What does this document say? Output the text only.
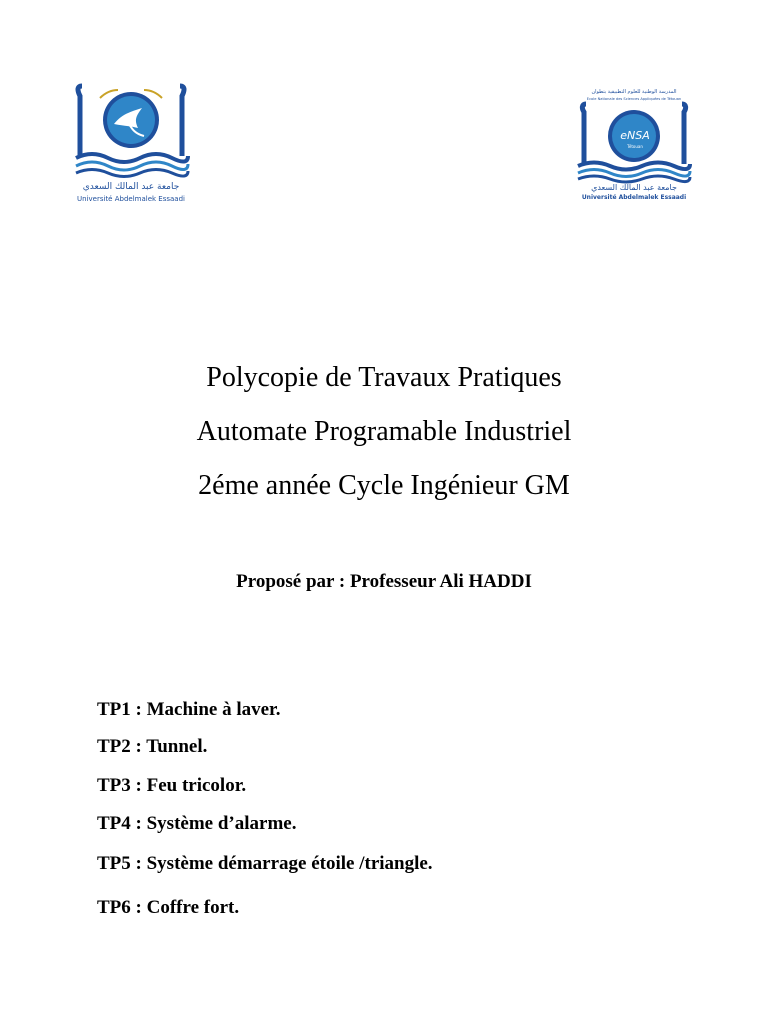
جامعة عبد المالك السعدي
Université Abdelmalek Essaadi
المدرسة الوطنية للعلوم التطبيقية بتطوان
Ecole Nationale des Sciences Appliquées de Tétouan
eNSA
Tétouan
جامعة عبد المالك السعدي
Université Abdelmalek Essaadi
Polycopie de Travaux Pratiques
Automate Programable Industriel
2éme année Cycle Ingénieur GM
Proposé par : Professeur Ali HADDI
TP1 : Machine à laver.
TP2 : Tunnel.
TP3 : Feu tricolor.
TP4 : Système d’alarme.
TP5 : Système démarrage étoile /triangle.
TP6 : Coffre fort.
